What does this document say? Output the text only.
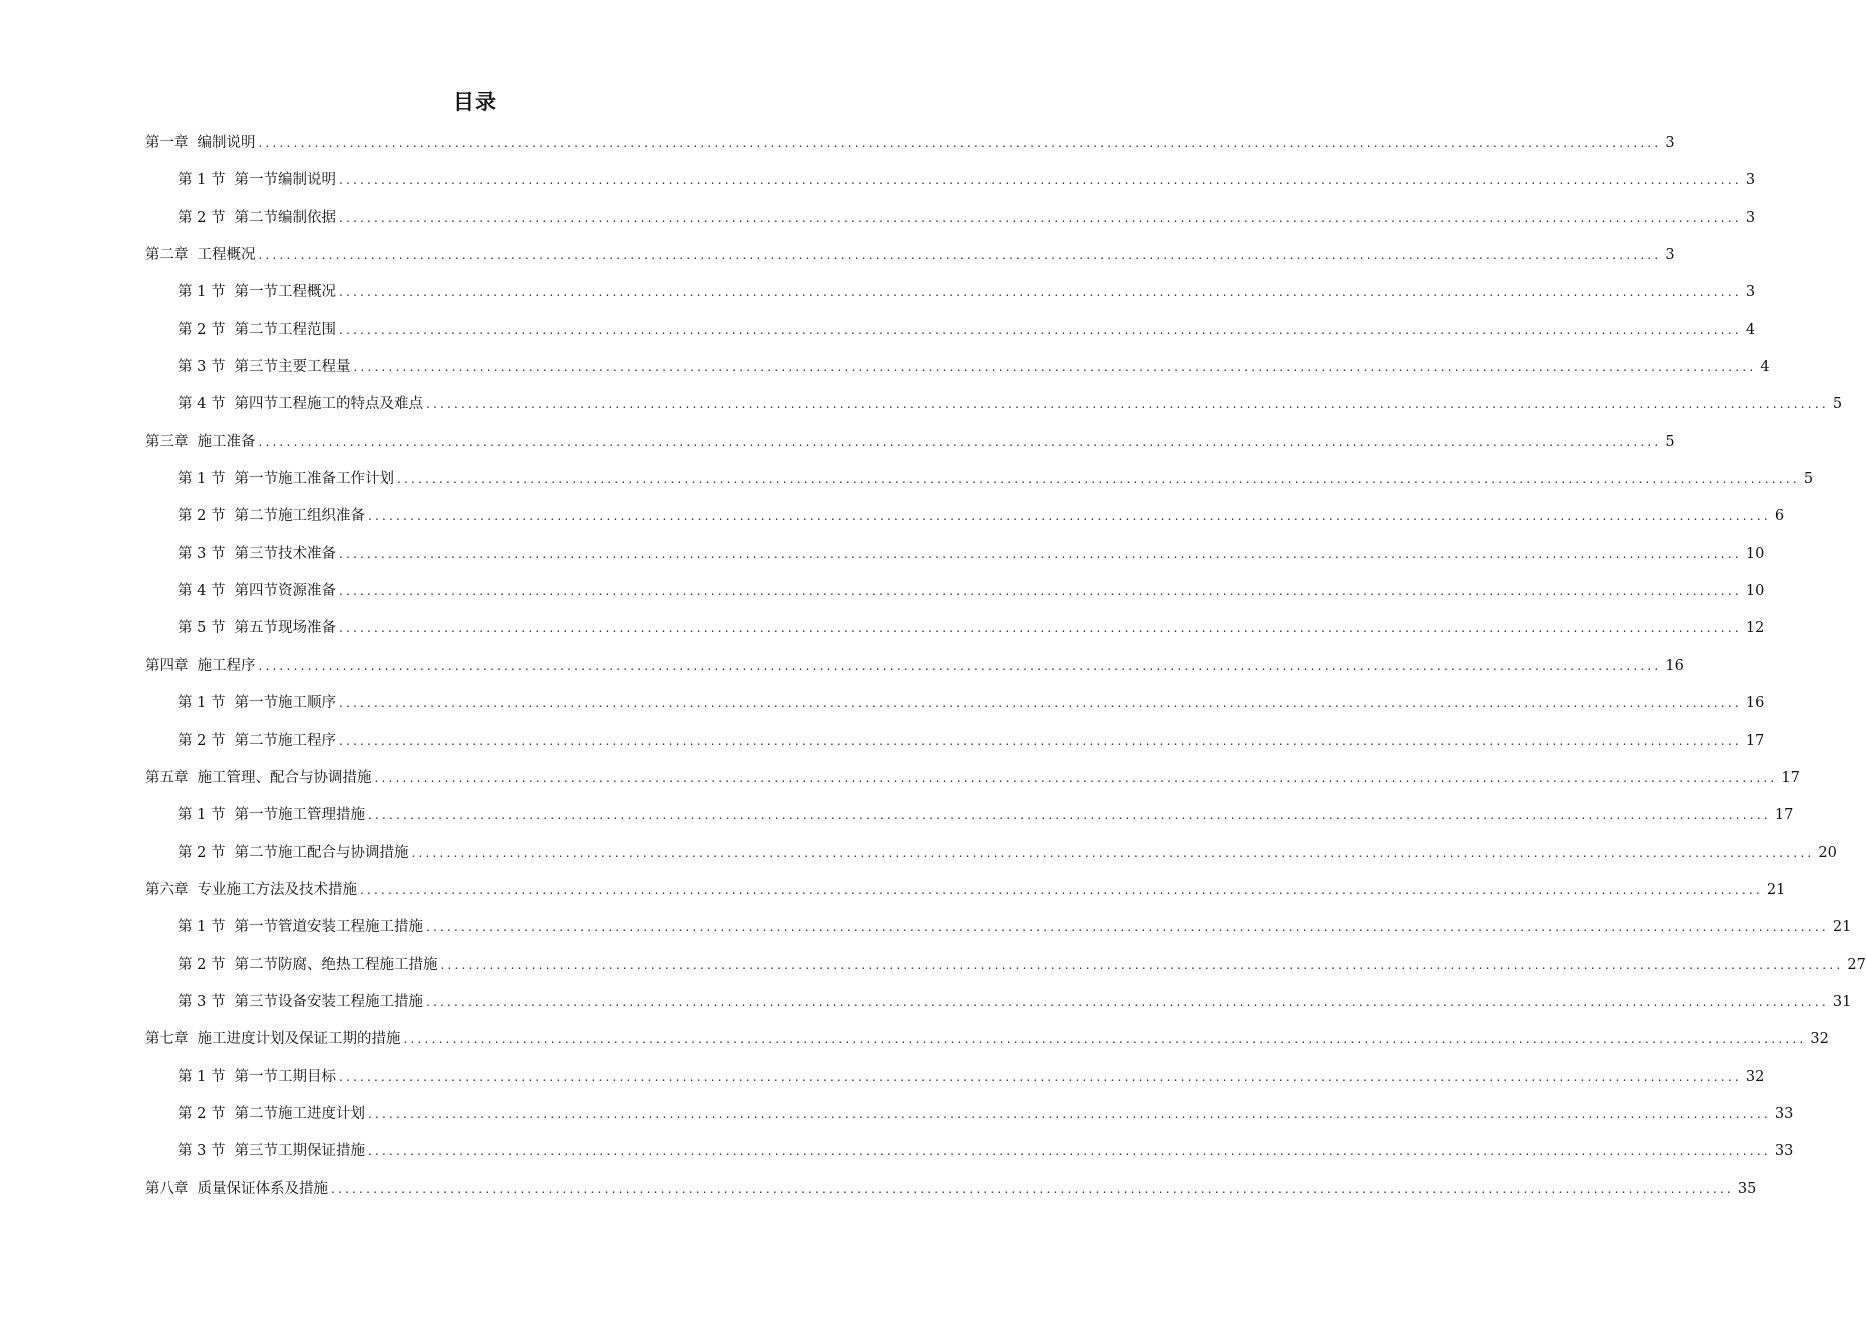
目录
第一章 编制说明 ........................................................................................................................................................................................................ 3
第 1 节 第一节编制说明 ........................................................................................................................................................................................................ 3
第 2 节 第二节编制依据 ........................................................................................................................................................................................................ 3
第二章 工程概况 ........................................................................................................................................................................................................ 3
第 1 节 第一节工程概况 ........................................................................................................................................................................................................ 3
第 2 节 第二节工程范围 ........................................................................................................................................................................................................ 4
第 3 节 第三节主要工程量 ........................................................................................................................................................................................................ 4
第 4 节 第四节工程施工的特点及难点 ........................................................................................................................................................................................................ 5
第三章 施工准备 ........................................................................................................................................................................................................ 5
第 1 节 第一节施工准备工作计划 ........................................................................................................................................................................................................ 5
第 2 节 第二节施工组织准备 ........................................................................................................................................................................................................ 6
第 3 节 第三节技术准备 ........................................................................................................................................................................................................ 10
第 4 节 第四节资源准备 ........................................................................................................................................................................................................ 10
第 5 节 第五节现场准备 ........................................................................................................................................................................................................ 12
第四章 施工程序 ........................................................................................................................................................................................................ 16
第 1 节 第一节施工顺序 ........................................................................................................................................................................................................ 16
第 2 节 第二节施工程序 ........................................................................................................................................................................................................ 17
第五章 施工管理、配合与协调措施 ........................................................................................................................................................................................................ 17
第 1 节 第一节施工管理措施 ........................................................................................................................................................................................................ 17
第 2 节 第二节施工配合与协调措施 ........................................................................................................................................................................................................ 20
第六章 专业施工方法及技术措施 ........................................................................................................................................................................................................ 21
第 1 节 第一节管道安装工程施工措施 ........................................................................................................................................................................................................ 21
第 2 节 第二节防腐、绝热工程施工措施 ........................................................................................................................................................................................................ 27
第 3 节 第三节设备安装工程施工措施 ........................................................................................................................................................................................................ 31
第七章 施工进度计划及保证工期的措施 ........................................................................................................................................................................................................ 32
第 1 节 第一节工期目标 ........................................................................................................................................................................................................ 32
第 2 节 第二节施工进度计划 ........................................................................................................................................................................................................ 33
第 3 节 第三节工期保证措施 ........................................................................................................................................................................................................ 33
第八章 质量保证体系及措施 ........................................................................................................................................................................................................ 35
